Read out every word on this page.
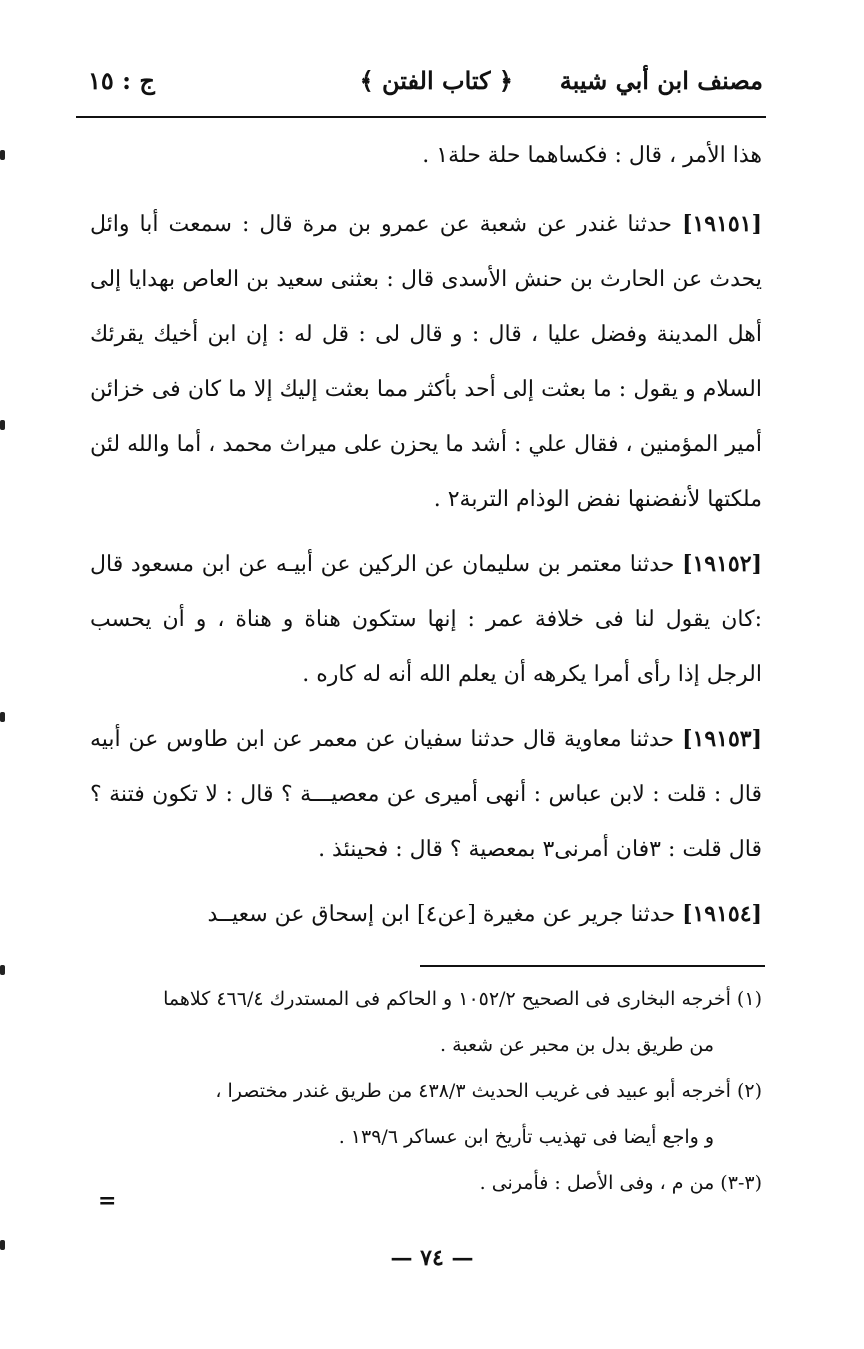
مصنف ابن أبي شيبة
﴿ كتاب الفتن ﴾
ج : ١٥

هذا الأمر ، قال : فكساهما حلة حلة١ .

[١٩١٥١] حدثنا غندر عن شعبة عن عمرو بن مرة قال : سمعت أبا وائل يحدث عن الحارث بن حنش الأسدى قال : بعثنى سعيد بن العاص بهدايا إلى أهل المدينة وفضل عليا ، قال : و قال لى : قل له : إن ابن أخيك يقرئك السلام و يقول : ما بعثت إلى أحد بأكثر مما بعثت إليك إلا ما كان فى خزائن أمير المؤمنين ، فقال علي : أشد ما يحزن على ميراث محمد ، أما والله لئن ملكتها لأنفضنها نفض الوذام التربة٢ .

[١٩١٥٢] حدثنا معتمر بن سليمان عن الركين عن أبيـه عن ابن مسعود قال :كان يقول لنا فى خلافة عمر : إنها ستكون هناة و هناة ، و أن يحسب الرجل إذا رأى أمرا يكرهه أن يعلم الله أنه له كاره .

[١٩١٥٣] حدثنا معاوية قال حدثنا سفيان عن معمر عن ابن طاوس عن أبيه قال : قلت : لابن عباس : أنهى أميرى عن معصيـــة ؟ قال : لا تكون فتنة ؟ قال قلت : ٣فان أمرنى٣ بمعصية ؟ قال : فحينئذ .

[١٩١٥٤] حدثنا جرير عن مغيرة [عن٤] ابن إسحاق عن سعيــد

(١) أخرجه البخارى فى الصحيح ١٠٥٢/٢ و الحاكم فى المستدرك ٤٦٦/٤ كلاهما

من طريق بدل بن محبر عن شعبة .

(٢) أخرجه أبو عبيد فى غريب الحديث ٤٣٨/٣ من طريق غندر مختصرا ،

و واجع أيضا فى تهذيب تأريخ ابن عساكر ١٣٩/٦ .

(٣-٣) من م ، وفى الأصل : فأمرنى .

=
— ٧٤ —
